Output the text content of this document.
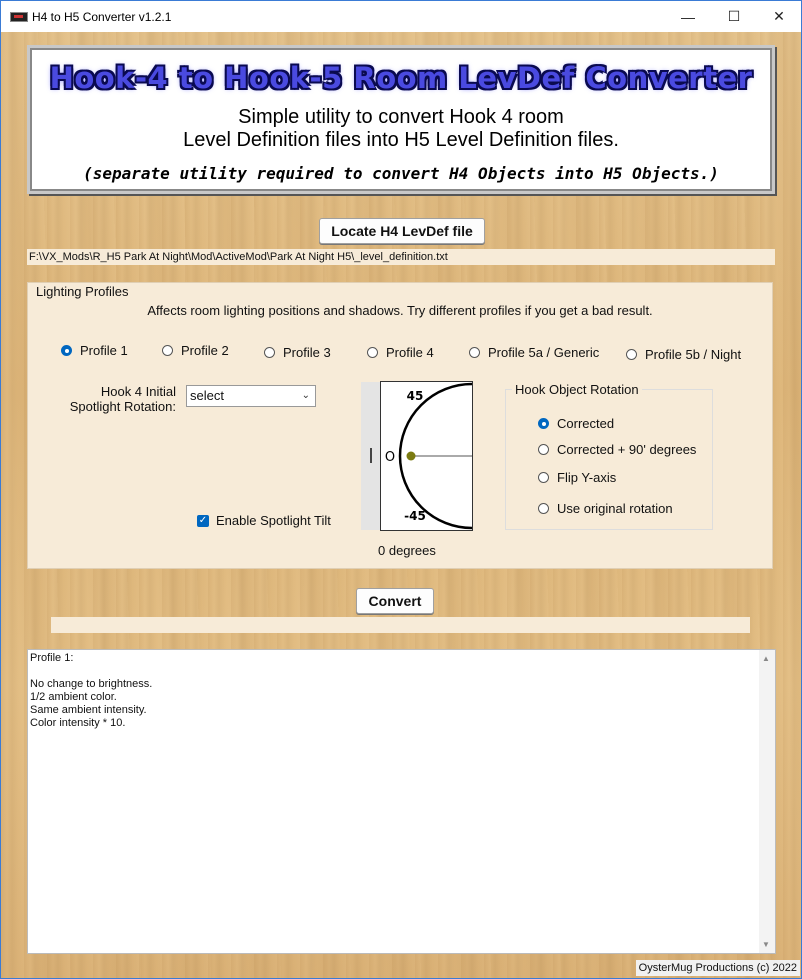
H4 to H5 Converter v1.2.1	—	☐	✕
Hook-4 to Hook-5 Room LevDef Converter
Simple utility to convert Hook 4 room
Level Definition files into H5 Level Definition files.
(separate utility required to convert H4 Objects into H5 Objects.)
Locate H4 LevDef file
F:\VX_Mods\R_H5 Park At Night\Mod\ActiveMod\Park At Night H5\_level_definition.txt
Lighting Profiles
Affects room lighting positions and shadows. Try different profiles if you get a bad result.
Profile 1	Profile 2	Profile 3	Profile 4	Profile 5a / Generic	Profile 5b / Night
Hook 4 Initial
Spotlight Rotation:
select	⌄
✓ Enable Spotlight Tilt
45
-45
O
0 degrees
Hook Object Rotation
Corrected
Corrected + 90' degrees
Flip Y-axis
Use original rotation
Convert
Profile 1:

No change to brightness.
1/2 ambient color.
Same ambient intensity.
Color intensity * 10.
▲
▼
OysterMug Productions (c) 2022
